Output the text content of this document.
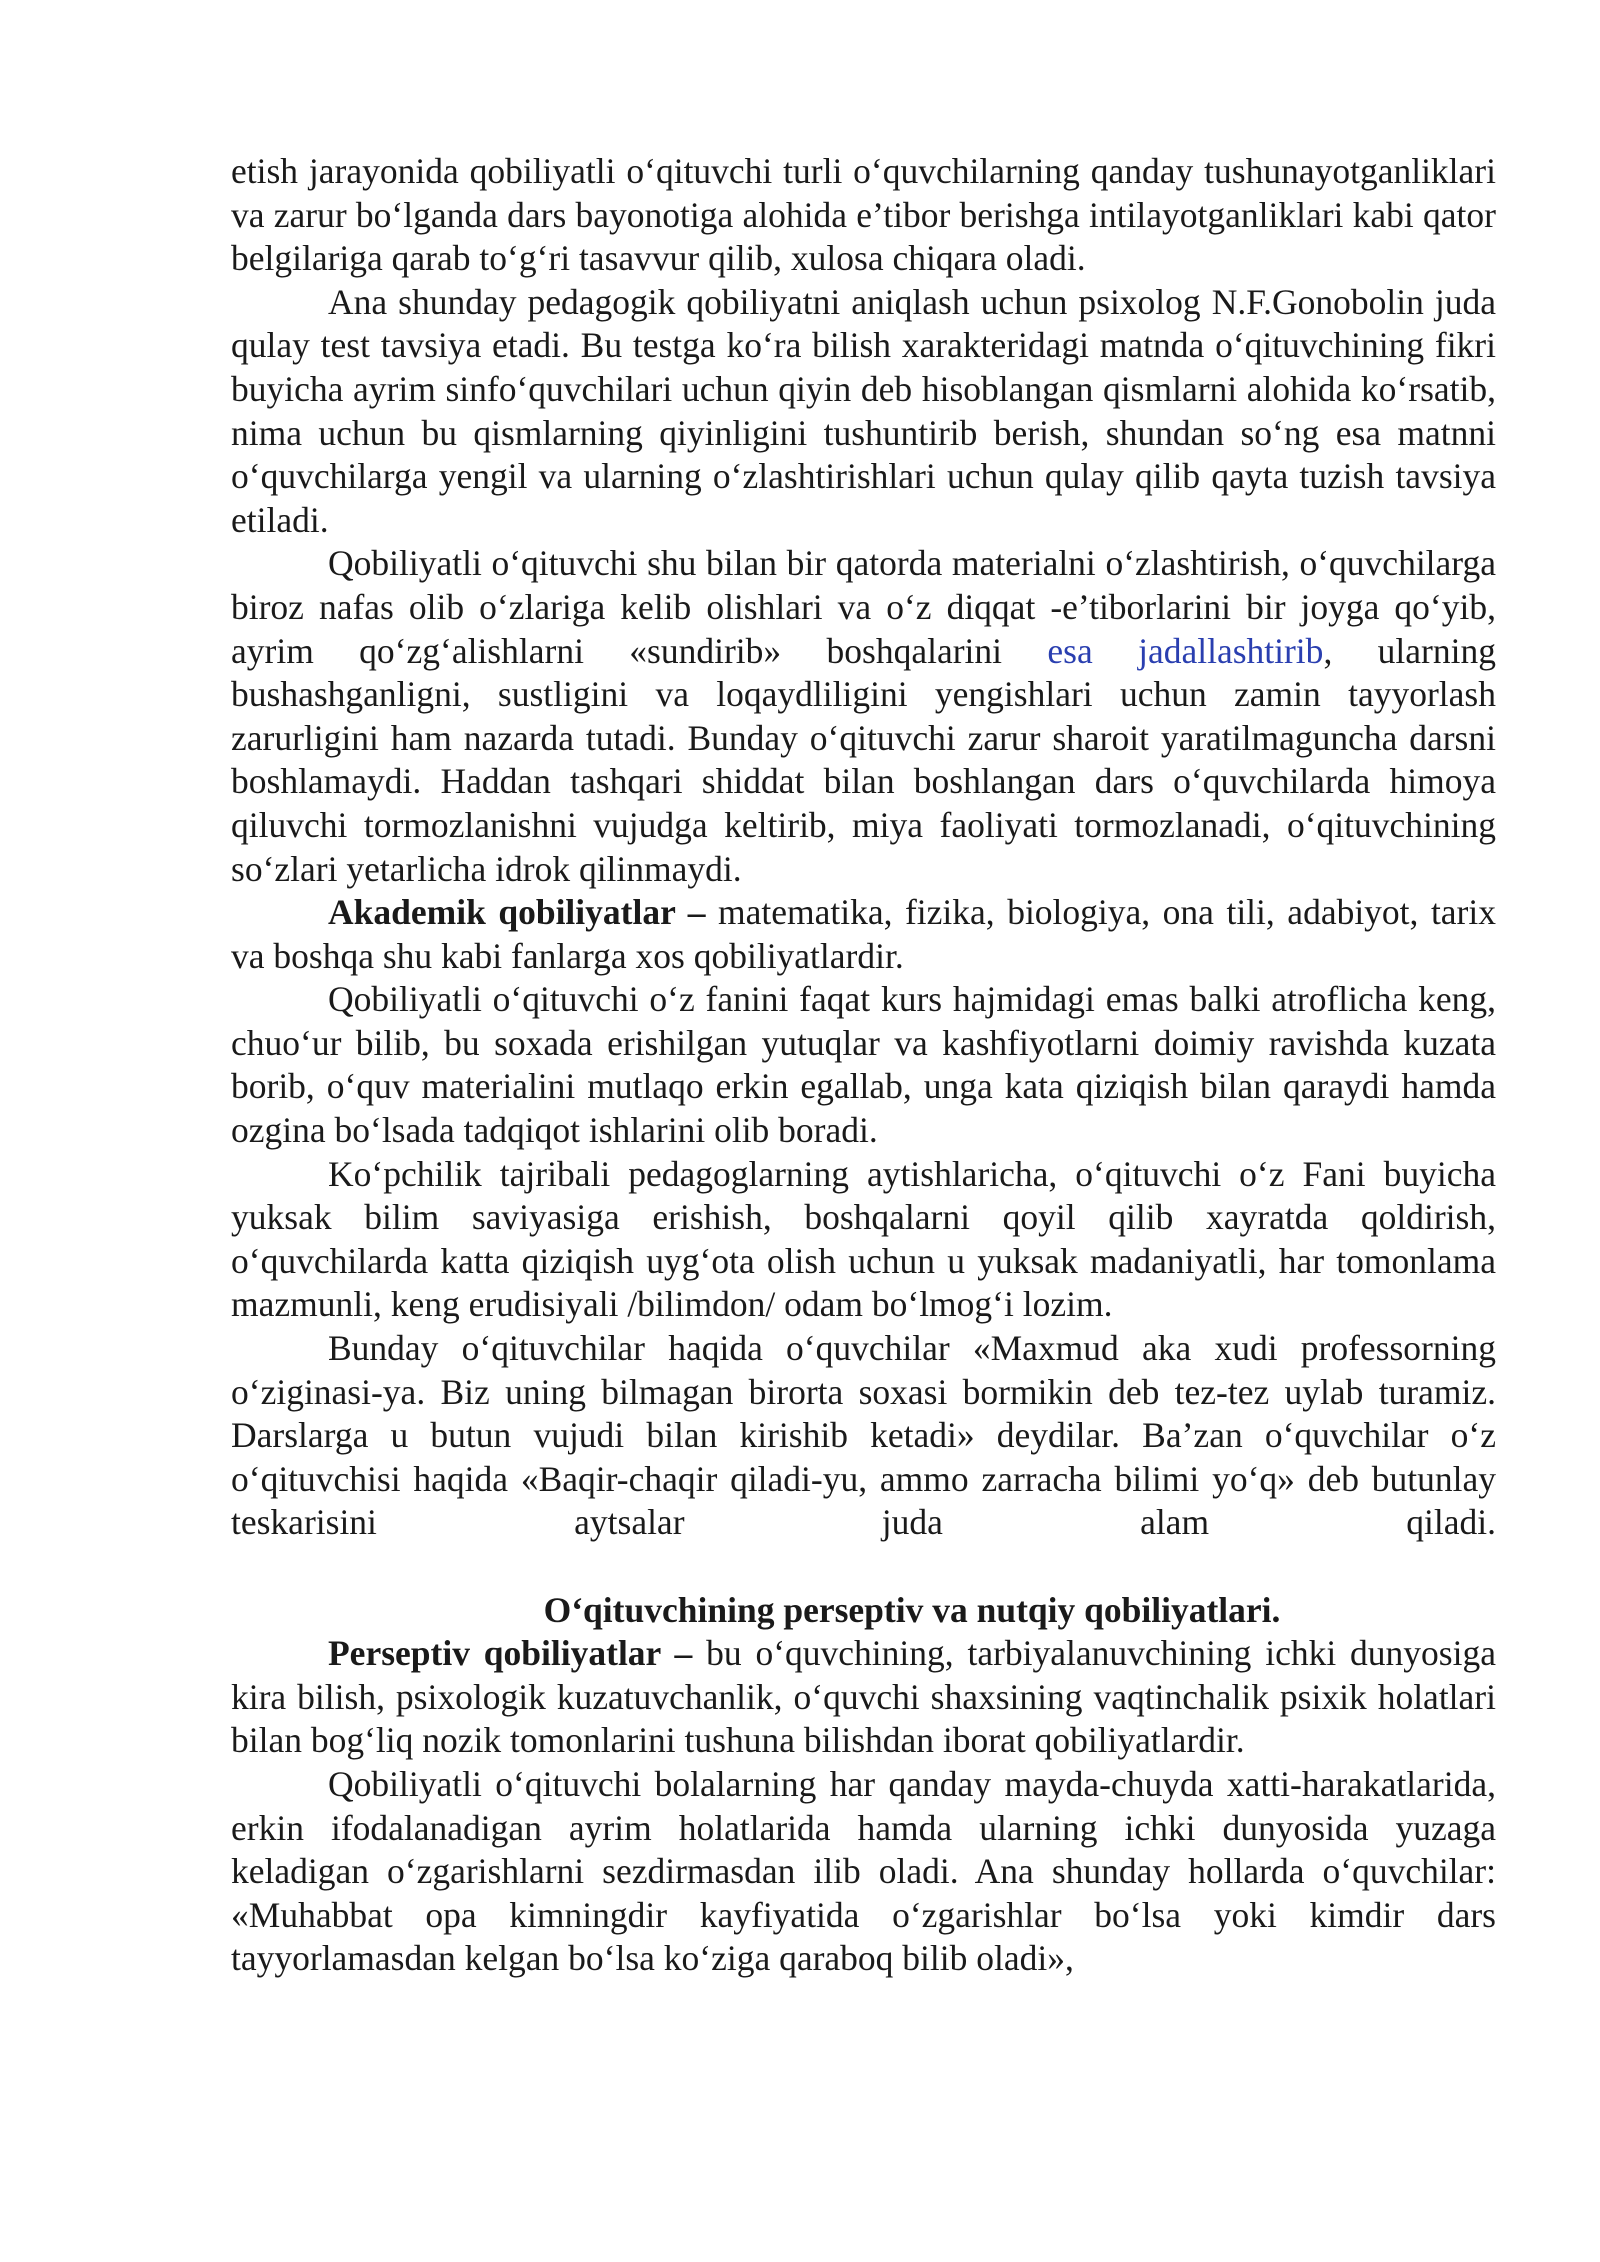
etish jarayonida qobiliyatli oʻqituvchi turli oʻquvchilarning qanday tushunayotganliklari va zarur boʻlganda dars bayonotiga alohida e’tibor berishga intilayotganliklari kabi qator belgilariga qarab toʻgʻri tasavvur qilib, xulosa chiqara oladi.

Ana shunday pedagogik qobiliyatni aniqlash uchun psixolog N.F.Gonobolin juda qulay test tavsiya etadi. Bu testga koʻra bilish xarakteridagi matnda oʻqituvchining fikri buyicha ayrim sinfoʻquvchilari uchun qiyin deb hisoblangan qismlarni alohida koʻrsatib, nima uchun bu qismlarning qiyinligini tushuntirib berish, shundan soʻng esa matnni oʻquvchilarga yengil va ularning oʻzlashtirishlari uchun qulay qilib qayta tuzish tavsiya etiladi.

Qobiliyatli oʻqituvchi shu bilan bir qatorda materialni oʻzlashtirish, oʻquvchilarga biroz nafas olib oʻzlariga kelib olishlari va oʻz diqqat -e’tiborlarini bir joyga qoʻyib, ayrim qoʻzgʻalishlarni «sundirib» boshqalarini esa jadallashtirib, ularning bushashganligni, sustligini va loqaydliligini yengishlari uchun zamin tayyorlash zarurligini ham nazarda tutadi. Bunday oʻqituvchi zarur sharoit yaratilmaguncha darsni boshlamaydi. Haddan tashqari shiddat bilan boshlangan dars oʻquvchilarda himoya qiluvchi tormozlanishni vujudga keltirib, miya faoliyati tormozlanadi, oʻqituvchining soʻzlari yetarlicha idrok qilinmaydi.

Akademik qobiliyatlar – matematika, fizika, biologiya, ona tili, adabiyot, tarix va boshqa shu kabi fanlarga xos qobiliyatlardir.

Qobiliyatli oʻqituvchi oʻz fanini faqat kurs hajmidagi emas balki atroflicha keng, chuoʻur bilib, bu soxada erishilgan yutuqlar va kashfiyotlarni doimiy ravishda kuzata borib, oʻquv materialini mutlaqo erkin egallab, unga kata qiziqish bilan qaraydi hamda ozgina boʻlsada tadqiqot ishlarini olib boradi.

Koʻpchilik tajribali pedagoglarning aytishlaricha, oʻqituvchi oʻz Fani buyicha yuksak bilim saviyasiga erishish, boshqalarni qoyil qilib xayratda qoldirish, oʻquvchilarda katta qiziqish uygʻota olish uchun u yuksak madaniyatli, har tomonlama mazmunli, keng erudisiyali /bilimdon/ odam boʻlmogʻi lozim.

Bunday oʻqituvchilar haqida oʻquvchilar «Maxmud aka xudi professorning oʻziginasi-ya. Biz uning bilmagan birorta soxasi bormikin deb tez-tez uylab turamiz. Darslarga u butun vujudi bilan kirishib ketadi» deydilar. Ba’zan oʻquvchilar oʻz oʻqituvchisi haqida «Baqir-chaqir qiladi-yu, ammo zarracha bilimi yoʻq» deb butunlay teskarisini aytsalar juda alam qiladi.

Oʻqituvchining perseptiv va nutqiy qobiliyatlari.

Perseptiv qobiliyatlar – bu oʻquvchining, tarbiyalanuvchining ichki dunyosiga kira bilish, psixologik kuzatuvchanlik, oʻquvchi shaxsining vaqtinchalik psixik holatlari bilan bogʻliq nozik tomonlarini tushuna bilishdan iborat qobiliyatlardir.

Qobiliyatli oʻqituvchi bolalarning har qanday mayda-chuyda xatti-harakatlarida, erkin ifodalanadigan ayrim holatlarida hamda ularning ichki dunyosida yuzaga keladigan oʻzgarishlarni sezdirmasdan ilib oladi. Ana shunday hollarda oʻquvchilar: «Muhabbat opa kimningdir kayfiyatida oʻzgarishlar boʻlsa yoki kimdir dars tayyorlamasdan kelgan boʻlsa koʻziga qaraboq bilib oladi»,
